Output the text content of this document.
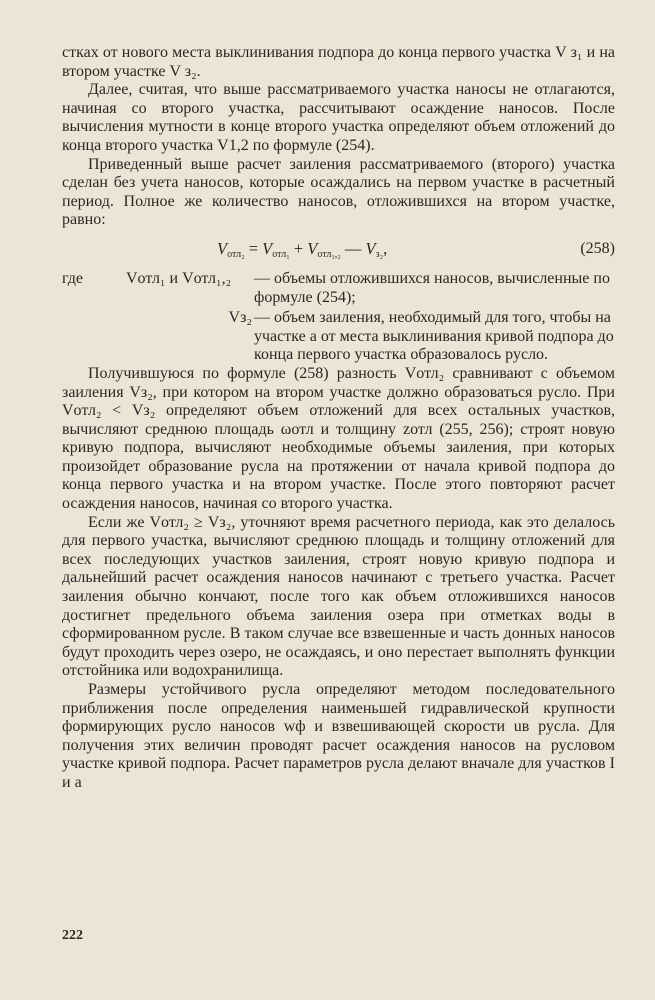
стках от нового места выклинивания подпора до конца первого участка V з₁ и на втором участке V з₂.

Далее, считая, что выше рассматриваемого участка наносы не отлагаются, начиная со второго участка, рассчитывают осаждение наносов. После вычисления мутности в конце второго участка определяют объем отложений до конца второго участка V1,2 по формуле (254).

Приведенный выше расчет заиления рассматриваемого (второго) участка сделан без учета наносов, которые осаждались на первом участке в расчетный период. Полное же количество наносов, отложившихся на втором участке, равно:

$V_{отл_2} = V_{отл_1} + V_{отл_1,_2}$ — $V_{з_2}$,	(258)
где	Vотл₁ и Vотл₁,₂	— объемы отложившихся наносов, вычисленные по формуле (254);
Vз₂ — объем заиления, необходимый для того, чтобы на участке a от места выклинивания кривой подпора до конца первого участка образовалось русло.

Получившуюся по формуле (258) разность Vотл₂ сравнивают с объемом заиления Vз₂, при котором на втором участке должно образоваться русло. При Vотл₂ < Vз₂ определяют объем отложений для всех остальных участков, вычисляют среднюю площадь ωотл и толщину zотл (255, 256); строят новую кривую подпора, вычисляют необходимые объемы заиления, при которых произойдет образование русла на протяжении от начала кривой подпора до конца первого участка и на втором участке. После этого повторяют расчет осаждения наносов, начиная со второго участка.

Если же Vотл₂ ≥ Vз₂, уточняют время расчетного периода, как это делалось для первого участка, вычисляют среднюю площадь и толщину отложений для всех последующих участков заиления, строят новую кривую подпора и дальнейший расчет осаждения наносов начинают с третьего участка. Расчет заиления обычно кончают, после того как объем отложившихся наносов достигнет предельного объема заиления озера при отметках воды в сформированном русле. В таком случае все взвешенные и часть донных наносов будут проходить через озеро, не осаждаясь, и оно перестает выполнять функции отстойника или водохранилища.

Размеры устойчивого русла определяют методом последовательного приближения после определения наименьшей гидравлической крупности формирующих русло наносов wф и взвешивающей скорости uв русла. Для получения этих величин проводят расчет осаждения наносов на русловом участке кривой подпора. Расчет параметров русла делают вначале для участков I и a

222
